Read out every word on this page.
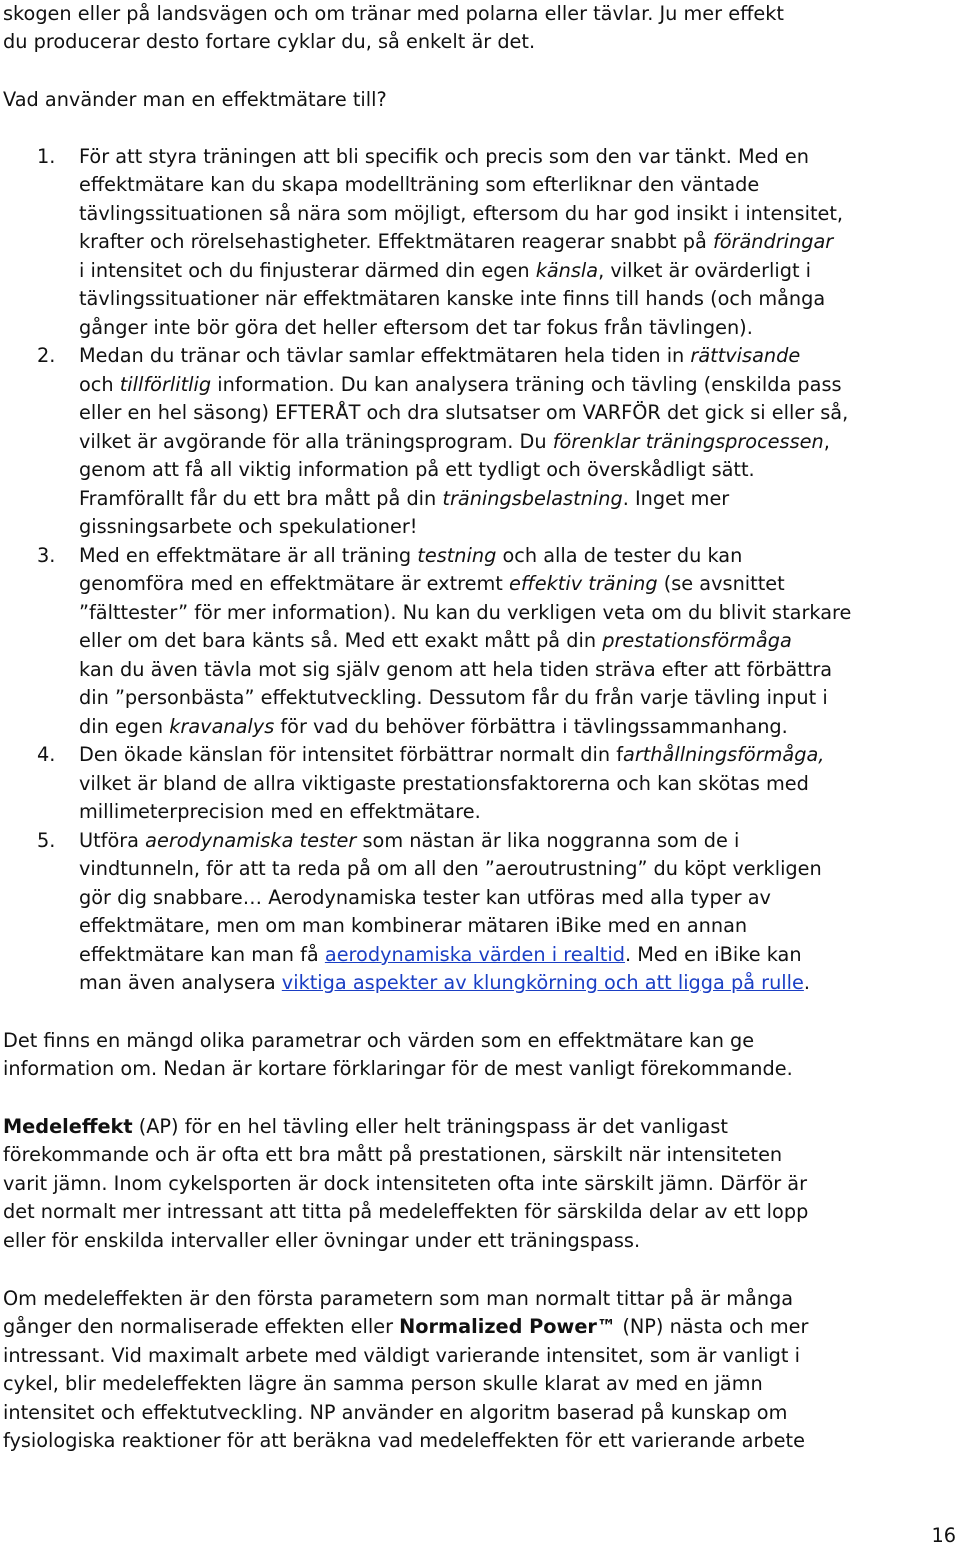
skogen eller på landsvägen och om tränar med polarna eller tävlar. Ju mer effekt
du producerar desto fortare cyklar du, så enkelt är det.
Vad använder man en effektmätare till?
1. För att styra träningen att bli specifik och precis som den var tänkt. Med en
effektmätare kan du skapa modellträning som efterliknar den väntade
tävlingssituationen så nära som möjligt, eftersom du har god insikt i intensitet,
krafter och rörelsehastigheter. Effektmätaren reagerar snabbt på förändringar
i intensitet och du finjusterar därmed din egen känsla, vilket är ovärderligt i
tävlingssituationer när effektmätaren kanske inte finns till hands (och många
gånger inte bör göra det heller eftersom det tar fokus från tävlingen).
2. Medan du tränar och tävlar samlar effektmätaren hela tiden in rättvisande
och tillförlitlig information. Du kan analysera träning och tävling (enskilda pass
eller en hel säsong) EFTERÅT och dra slutsatser om VARFÖR det gick si eller så,
vilket är avgörande för alla träningsprogram. Du förenklar träningsprocessen,
genom att få all viktig information på ett tydligt och överskådligt sätt.
Framförallt får du ett bra mått på din träningsbelastning. Inget mer
gissningsarbete och spekulationer!
3. Med en effektmätare är all träning testning och alla de tester du kan
genomföra med en effektmätare är extremt effektiv träning (se avsnittet
”fälttester” för mer information). Nu kan du verkligen veta om du blivit starkare
eller om det bara känts så. Med ett exakt mått på din prestationsförmåga
kan du även tävla mot sig själv genom att hela tiden sträva efter att förbättra
din ”personbästa” effektutveckling. Dessutom får du från varje tävling input i
din egen kravanalys för vad du behöver förbättra i tävlingssammanhang.
4. Den ökade känslan för intensitet förbättrar normalt din farthållningsförmåga,
vilket är bland de allra viktigaste prestationsfaktorerna och kan skötas med
millimeterprecision med en effektmätare.
5. Utföra aerodynamiska tester som nästan är lika noggranna som de i
vindtunneln, för att ta reda på om all den ”aeroutrustning” du köpt verkligen
gör dig snabbare… Aerodynamiska tester kan utföras med alla typer av
effektmätare, men om man kombinerar mätaren iBike med en annan
effektmätare kan man få aerodynamiska värden i realtid. Med en iBike kan
man även analysera viktiga aspekter av klungkörning och att ligga på rulle.
Det finns en mängd olika parametrar och värden som en effektmätare kan ge
information om. Nedan är kortare förklaringar för de mest vanligt förekommande.
Medeleffekt (AP) för en hel tävling eller helt träningspass är det vanligast
förekommande och är ofta ett bra mått på prestationen, särskilt när intensiteten
varit jämn. Inom cykelsporten är dock intensiteten ofta inte särskilt jämn. Därför är
det normalt mer intressant att titta på medeleffekten för särskilda delar av ett lopp
eller för enskilda intervaller eller övningar under ett träningspass.
Om medeleffekten är den första parametern som man normalt tittar på är många
gånger den normaliserade effekten eller Normalized Power™ (NP) nästa och mer
intressant. Vid maximalt arbete med väldigt varierande intensitet, som är vanligt i
cykel, blir medeleffekten lägre än samma person skulle klarat av med en jämn
intensitet och effektutveckling. NP använder en algoritm baserad på kunskap om
fysiologiska reaktioner för att beräkna vad medeleffekten för ett varierande arbete
16
